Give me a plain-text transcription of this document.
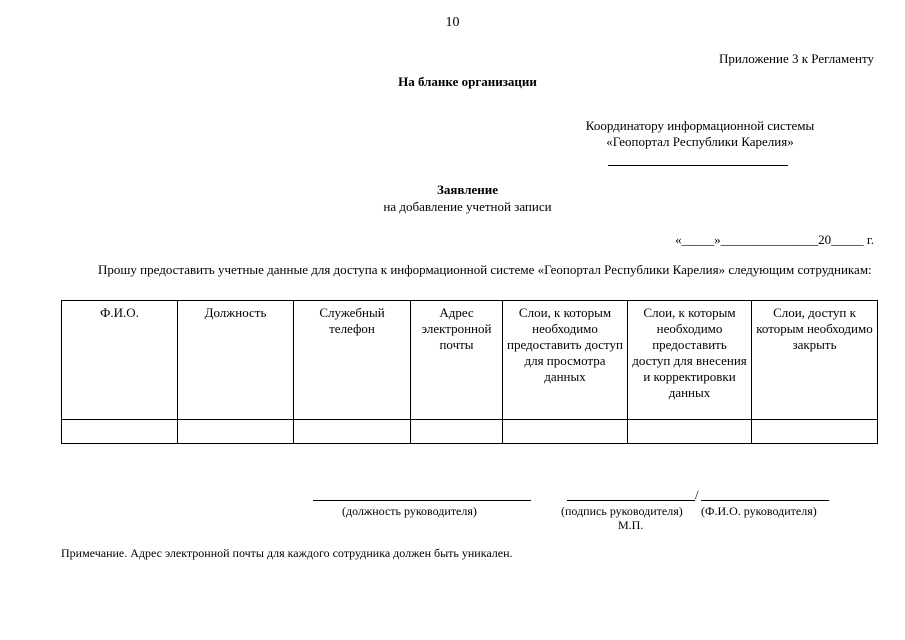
10
Приложение 3 к Регламенту
На бланке организации
Координатору информационной системы
«Геопортал Республики Карелия»
Заявление
на добавление учетной записи
«_____»_______________20_____ г.
Прошу предоставить учетные данные для доступа к информационной системе «Геопортал Республики Карелия» следующим сотрудникам:
Ф.И.О.	Должность	Служебный телефон	Адрес электронной почты	Слои, к которым необходимо предоставить доступ для просмотра данных	Слои, к которым необходимо предоставить доступ для внесения и корректировки данных	Слои, доступ к которым необходимо закрыть

(должность руководителя)
/
(подпись руководителя) (Ф.И.О. руководителя)
М.П.
Примечание. Адрес электронной почты для каждого сотрудника должен быть уникален.
